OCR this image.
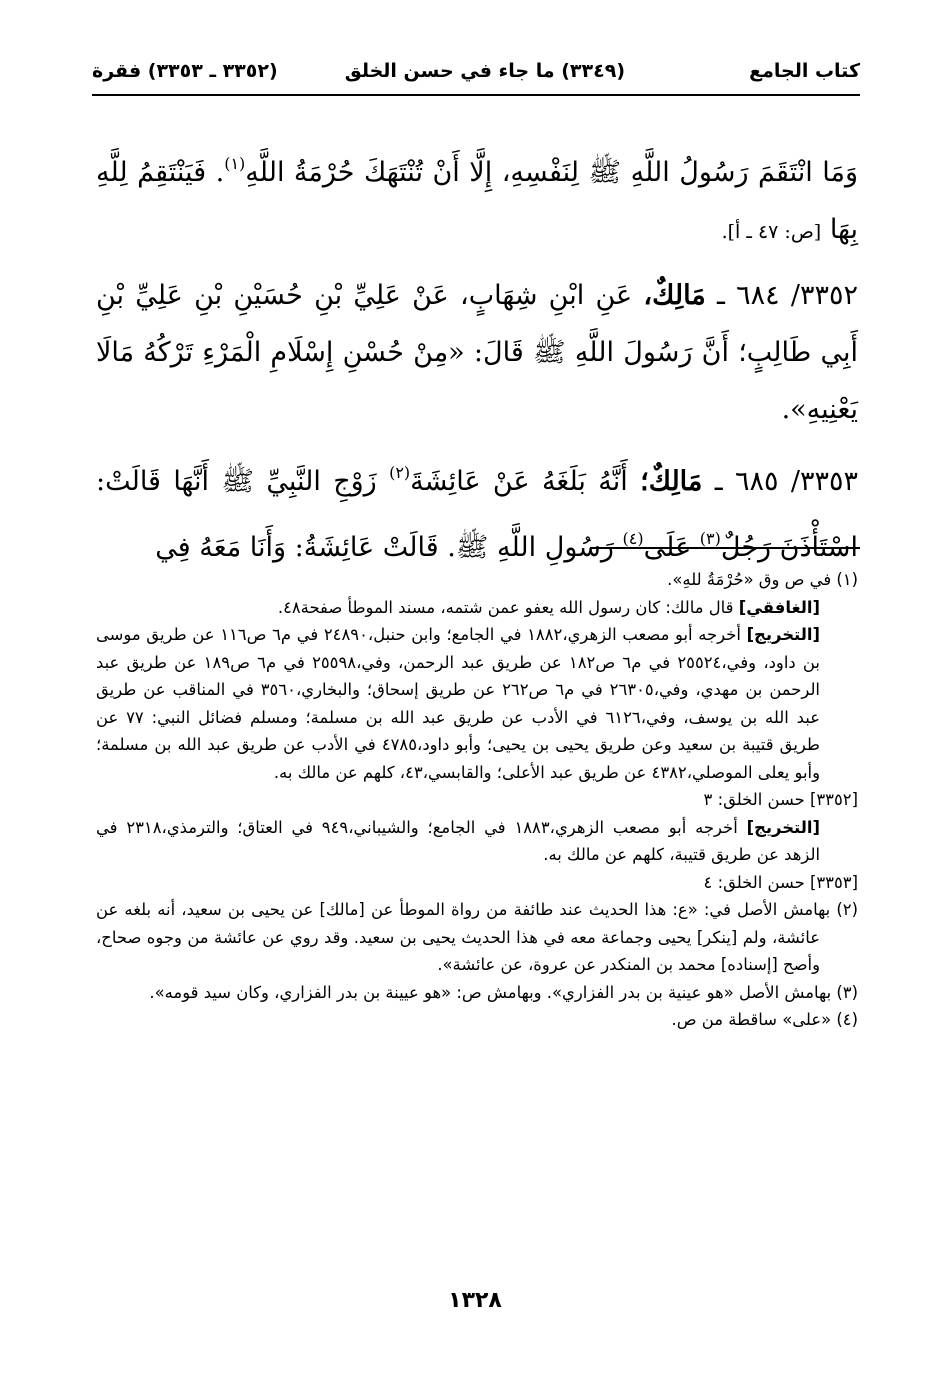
كتاب الجامع
(٣٣٤٩) ما جاء في حسن الخلق
(٣٣٥٢ ـ ٣٣٥٣) فقرة

وَمَا انْتَقَمَ رَسُولُ اللَّهِ ﷺ لِنَفْسِهِ، إِلَّا أَنْ تُنْتَهَكَ حُرْمَةُ اللَّهِ$^{(١)}$. فَيَنْتَقِمُ لِلَّهِ بِهَا [ص: ٤٧ ـ أ].

٣٣٥٢/ ٦٨٤ ـ مَالِكٌ، عَنِ ابْنِ شِهَابٍ، عَنْ عَلِيِّ بْنِ حُسَيْنِ بْنِ عَلِيِّ بْنِ أَبِي طَالِبٍ؛ أَنَّ رَسُولَ اللَّهِ ﷺ قَالَ: «مِنْ حُسْنِ إِسْلَامِ الْمَرْءِ تَرْكُهُ مَالَا يَعْنِيهِ».

٣٣٥٣/ ٦٨٥ ـ مَالِكٌ؛ أَنَّهُ بَلَغَهُ عَنْ عَائِشَةَ$^{(٢)}$ زَوْجِ النَّبِيِّ ﷺ أَنَّهَا قَالَتْ: اسْتَأْذَنَ رَجُلٌ$^{(٣)}$ عَلَى$^{(٤)}$ رَسُولِ اللَّهِ ﷺ. قَالَتْ عَائِشَةُ: وَأَنَا مَعَهُ فِي

(١) في ص وق «حُرْمَةُ للهِ».

[الغافقي] قال مالك: كان رسول الله يعفو عمن شتمه، مسند الموطأ صفحة٤٨.

[التخريج] أخرجه أبو مصعب الزهري،١٨٨٢ في الجامع؛ وابن حنبل،٢٤٨٩٠ في م٦ ص١١٦ عن طريق موسى بن داود، وفي،٢٥٥٢٤ في م٦ ص١٨٢ عن طريق عبد الرحمن، وفي،٢٥٥٩٨ في م٦ ص١٨٩ عن طريق عبد الرحمن بن مهدي، وفي،٢٦٣٠٥ في م٦ ص٢٦٢ عن طريق إسحاق؛ والبخاري،٣٥٦٠ في المناقب عن طريق عبد الله بن يوسف، وفي،٦١٢٦ في الأدب عن طريق عبد الله بن مسلمة؛ ومسلم فضائل النبي: ٧٧ عن طريق قتيبة بن سعيد وعن طريق يحيى بن يحيى؛ وأبو داود،٤٧٨٥ في الأدب عن طريق عبد الله بن مسلمة؛ وأبو يعلى الموصلي،٤٣٨٢ عن طريق عبد الأعلى؛ والقابسي،٤٣، كلهم عن مالك به.

[٣٣٥٢] حسن الخلق: ٣

[التخريج] أخرجه أبو مصعب الزهري،١٨٨٣ في الجامع؛ والشيباني،٩٤٩ في العتاق؛ والترمذي،٢٣١٨ في الزهد عن طريق قتيبة، كلهم عن مالك به.

[٣٣٥٣] حسن الخلق: ٤

(٢) بهامش الأصل في: «ع: هذا الحديث عند طائفة من رواة الموطأ عن [مالك] عن يحيى بن سعيد، أنه بلغه عن عائشة، ولم [ينكر] يحيى وجماعة معه في هذا الحديث يحيى بن سعيد. وقد روي عن عائشة من وجوه صحاح، وأصح [إسناده] محمد بن المنكدر عن عروة، عن عائشة».

(٣) بهامش الأصل «هو عينية بن بدر الفزاري». وبهامش ص: «هو عيينة بن بدر الفزاري، وكان سيد قومه».

(٤) «على» ساقطة من ص.

١٣٢٨
